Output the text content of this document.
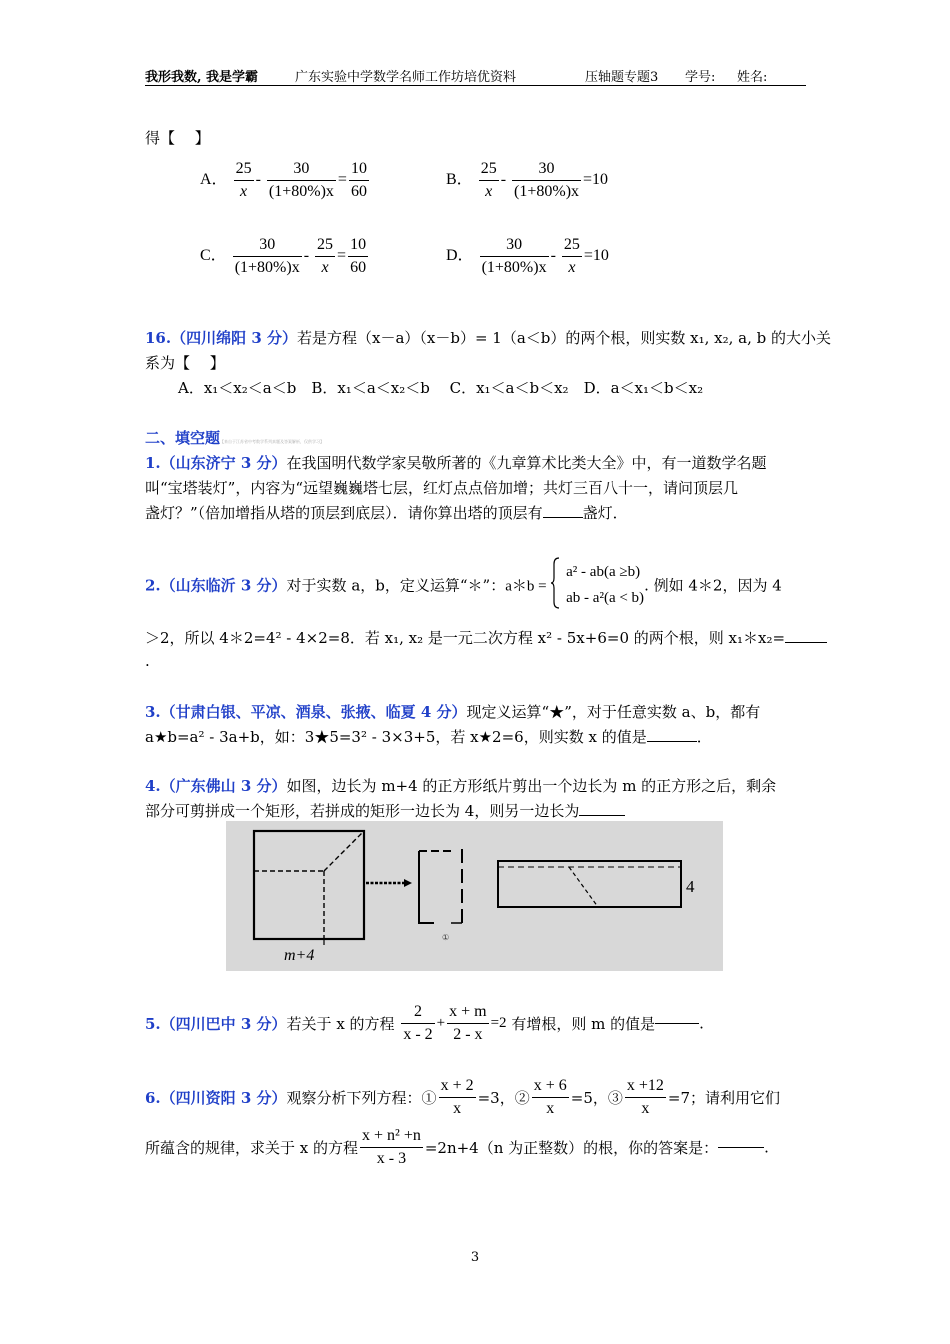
我形我数, 我是学霸	广东实验中学数学名师工作坊培优资料	压轴题专题3 学号: 姓名:
得【　 】
A． $\frac{25}{x} - \frac{30}{(1+80\%)x} = \frac{10}{60}$	B． $\frac{25}{x} - \frac{30}{(1+80\%)x} =10$
C． $\frac{30}{(1+80\%)x} - \frac{25}{x} = \frac{10}{60}$	D． $\frac{30}{(1+80\%)x} - \frac{25}{x} =10$
16.（四川绵阳 3 分）若是方程（x－a）（x－b）= 1（a＜b）的两个根，则实数 x₁, x₂, a, b 的大小关
系为【　 】
A．x₁＜x₂＜a＜b　B．x₁＜a＜x₂＜b　 C．x₁＜a＜b＜x₂　D．a＜x₁＜b＜x₂
二、填空题【来自于江苏省中考数学系列真题及答案解析，仅供学习】
1.（山东济宁 3 分）在我国明代数学家吴敬所著的《九章算术比类大全》中，有一道数学名题
叫“宝塔装灯”，内容为“远望巍巍塔七层，红灯点点倍加增；共灯三百八十一，请问顶层几
盏灯？”（倍加增指从塔的顶层到底层）．请你算出塔的顶层有	盏灯．
2.（山东临沂 3 分）对于实数 a，b，定义运算“＊”：a＊b =
a² - ab(a ≥b)
ab - a²(a < b)
. 例如 4＊2，因为 4
＞2，所以 4＊2=4² - 4×2=8．若 x₁, x₂ 是一元二次方程 x² - 5x+6=0 的两个根，则 x₁＊x₂=
.
3.（甘肃白银、平凉、酒泉、张掖、临夏 4 分）现定义运算“★”，对于任意实数 a、b，都有
a★b=a² - 3a+b，如：3★5=3² - 3×3+5，若 x★2=6，则实数 x 的值是	．
4.（广东佛山 3 分）如图，边长为 m+4 的正方形纸片剪出一个边长为 m 的正方形之后，剩余
部分可剪拼成一个矩形，若拼成的矩形一边长为 4，则另一边长为
m+4
4
①
5.（四川巴中 3 分）若关于 x 的方程 $\frac{2}{x - 2} + \frac{x + m}{2 - x} =2$ 有增根，则 m 的值是	.
6.（四川资阳 3 分）观察分析下列方程：① $\frac{x + 2}{x} =3$，② $\frac{x + 6}{x} =5$，③ $\frac{x +12}{x} =7$；请利用它们
所蕴含的规律，求关于 x 的方程 $\frac{\text{x + n² +n}}{x - 3} =2n+4(n$ 为正整数）的根，你的答案是：	.
3
